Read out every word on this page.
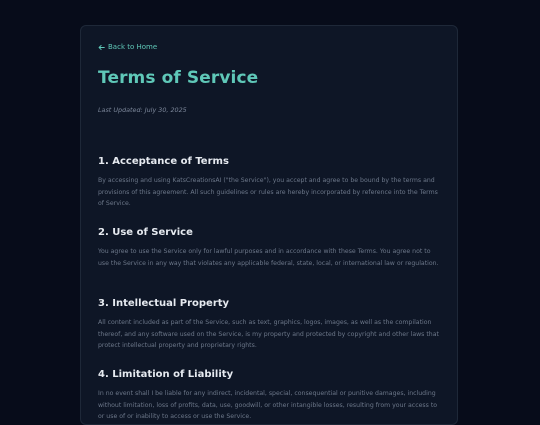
Back to Home
Terms of Service
Last Updated: July 30, 2025
1. Acceptance of Terms

By accessing and using KatsCreationsAI ("the Service"), you accept and agree to be bound by the terms and provisions of this agreement. All such guidelines or rules are hereby incorporated by reference into the Terms of Service.

2. Use of Service

You agree to use the Service only for lawful purposes and in accordance with these Terms. You agree not to use the Service in any way that violates any applicable federal, state, local, or international law or regulation.

3. Intellectual Property

All content included as part of the Service, such as text, graphics, logos, images, as well as the compilation thereof, and any software used on the Service, is my property and protected by copyright and other laws that protect intellectual property and proprietary rights.

4. Limitation of Liability

In no event shall I be liable for any indirect, incidental, special, consequential or punitive damages, including without limitation, loss of profits, data, use, goodwill, or other intangible losses, resulting from your access to or use of or inability to access or use the Service.
